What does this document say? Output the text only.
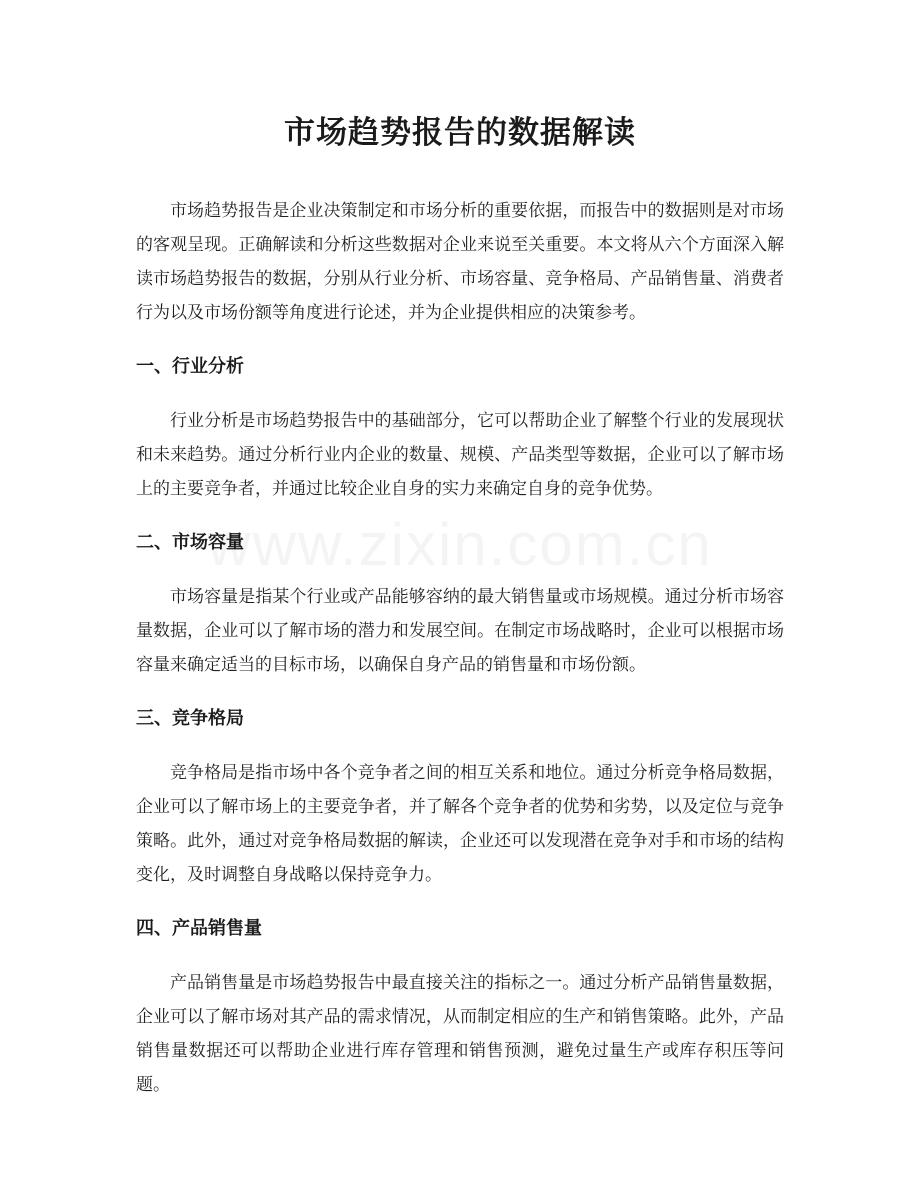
市场趋势报告的数据解读

市场趋势报告是企业决策制定和市场分析的重要依据，而报告中的数据则是对市场的客观呈现。正确解读和分析这些数据对企业来说至关重要。本文将从六个方面深入解读市场趋势报告的数据，分别从行业分析、市场容量、竞争格局、产品销售量、消费者行为以及市场份额等角度进行论述，并为企业提供相应的决策参考。

一、行业分析

行业分析是市场趋势报告中的基础部分，它可以帮助企业了解整个行业的发展现状和未来趋势。通过分析行业内企业的数量、规模、产品类型等数据，企业可以了解市场上的主要竞争者，并通过比较企业自身的实力来确定自身的竞争优势。

二、市场容量

市场容量是指某个行业或产品能够容纳的最大销售量或市场规模。通过分析市场容量数据，企业可以了解市场的潜力和发展空间。在制定市场战略时，企业可以根据市场容量来确定适当的目标市场，以确保自身产品的销售量和市场份额。

三、竞争格局

竞争格局是指市场中各个竞争者之间的相互关系和地位。通过分析竞争格局数据，企业可以了解市场上的主要竞争者，并了解各个竞争者的优势和劣势，以及定位与竞争策略。此外，通过对竞争格局数据的解读，企业还可以发现潜在竞争对手和市场的结构变化，及时调整自身战略以保持竞争力。

四、产品销售量

产品销售量是市场趋势报告中最直接关注的指标之一。通过分析产品销售量数据，企业可以了解市场对其产品的需求情况，从而制定相应的生产和销售策略。此外，产品销售量数据还可以帮助企业进行库存管理和销售预测，避免过量生产或库存积压等问题。
